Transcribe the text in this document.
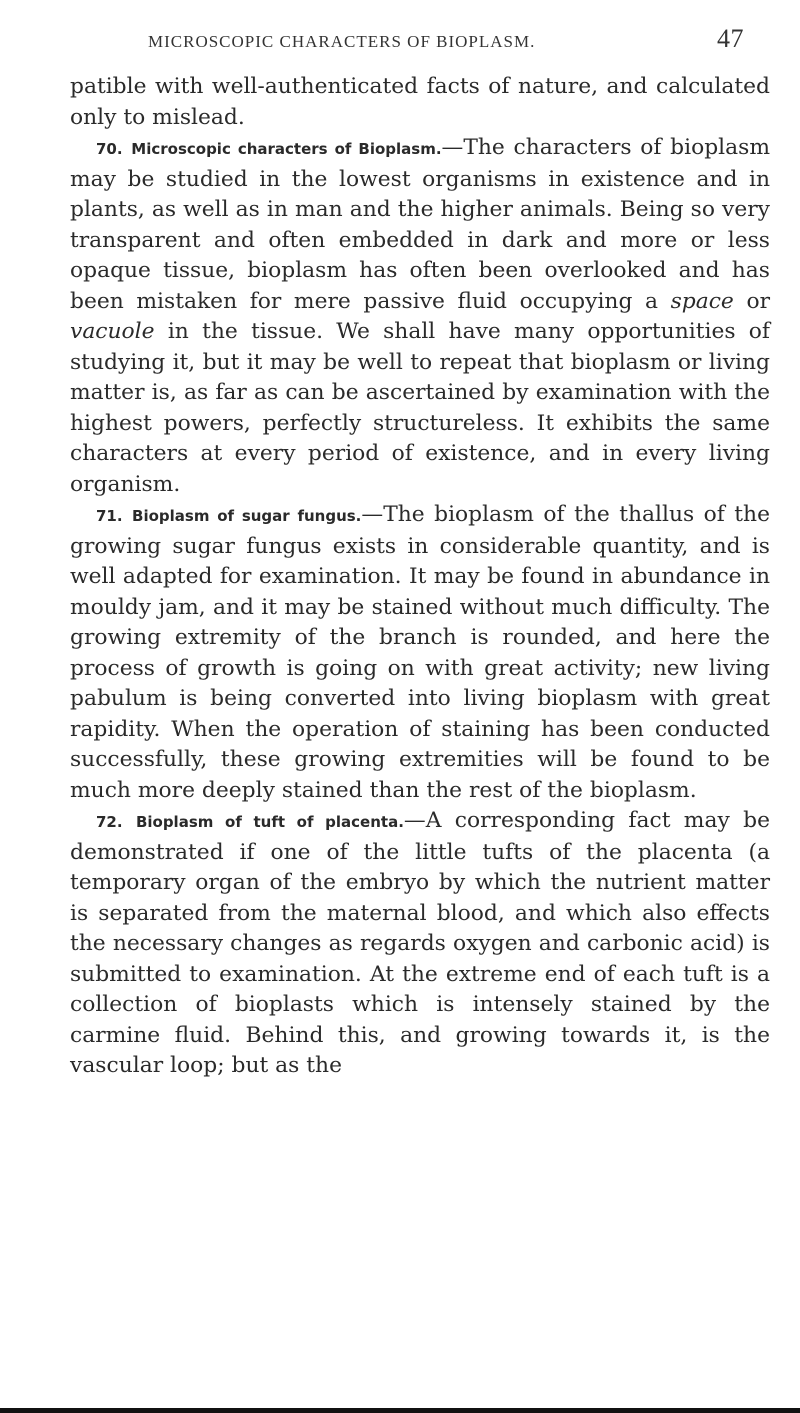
MICROSCOPIC CHARACTERS OF BIOPLASM.	47

patible with well-authenticated facts of nature, and calculated only to mislead.

70. Microscopic characters of Bioplasm.—The characters of bioplasm may be studied in the lowest organisms in existence and in plants, as well as in man and the higher animals. Being so very transparent and often embedded in dark and more or less opaque tissue, bioplasm has often been overlooked and has been mistaken for mere passive fluid occupying a space or vacuole in the tissue. We shall have many opportunities of studying it, but it may be well to repeat that bioplasm or living matter is, as far as can be ascertained by examination with the highest powers, perfectly structureless. It exhibits the same characters at every period of existence, and in every living organism.

71. Bioplasm of sugar fungus.—The bioplasm of the thallus of the growing sugar fungus exists in considerable quantity, and is well adapted for examination. It may be found in abundance in mouldy jam, and it may be stained without much difficulty. The growing extremity of the branch is rounded, and here the process of growth is going on with great activity; new living pabulum is being converted into living bioplasm with great rapidity. When the operation of staining has been conducted successfully, these growing extremities will be found to be much more deeply stained than the rest of the bioplasm.

72. Bioplasm of tuft of placenta.—A corresponding fact may be demonstrated if one of the little tufts of the placenta (a temporary organ of the embryo by which the nutrient matter is separated from the maternal blood, and which also effects the necessary changes as regards oxygen and carbonic acid) is submitted to examination. At the extreme end of each tuft is a collection of bioplasts which is intensely stained by the carmine fluid. Behind this, and growing towards it, is the vascular loop; but as the
